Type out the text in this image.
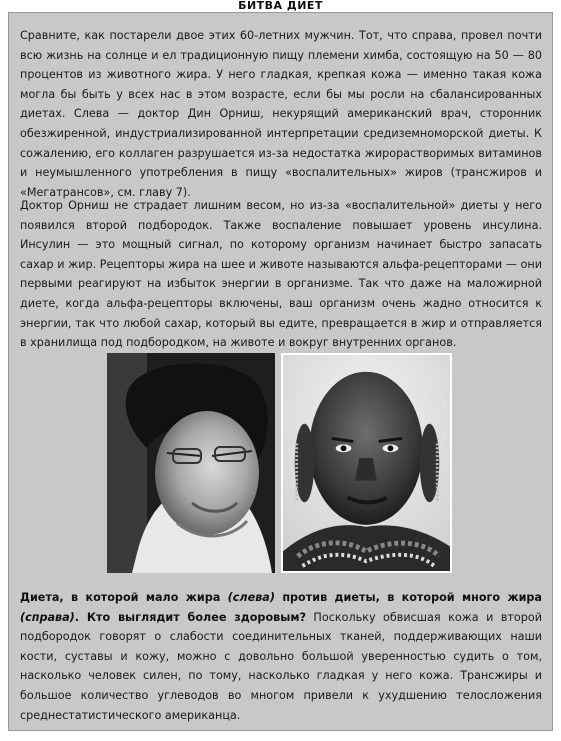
БИТВА ДИЕТ

Сравните, как постарели двое этих 60-летних мужчин. Тот, что справа, провел почти всю жизнь на солнце и ел традиционную пищу племени химба, состоящую на 50 — 80 процентов из животного жира. У него гладкая, крепкая кожа — именно такая кожа могла бы быть у всех нас в этом возрасте, если бы мы росли на сбалансированных диетах. Слева — доктор Дин Орниш, некурящий американский врач, сторонник обезжиренной, индустриализированной интерпретации средиземноморской диеты. К сожалению, его коллаген разрушается из-за недостатка жирорастворимых витаминов и неумышленного употребления в пищу «воспалительных» жиров (трансжиров и «Мегатрансов», см. главу 7).

Доктор Орниш не страдает лишним весом, но из-за «воспалительной» диеты у него появился второй подбородок. Также воспаление повышает уровень инсулина. Инсулин — это мощный сигнал, по которому организм начинает быстро запасать сахар и жир. Рецепторы жира на шее и животе называются альфа-рецепторами — они первыми реагируют на избыток энергии в организме. Так что даже на маложирной диете, когда альфа-рецепторы включены, ваш организм очень жадно относится к энергии, так что любой сахар, который вы едите, превращается в жир и отправляется в хранилища под подбородком, на животе и вокруг внутренних органов.

Диета, в которой мало жира (слева) против диеты, в которой много жира (справа). Кто выглядит более здоровым? Поскольку обвисшая кожа и второй подбородок говорят о слабости соединительных тканей, поддерживающих наши кости, суставы и кожу, можно с довольно большой уверенностью судить о том, насколько человек силен, по тому, насколько гладкая у него кожа. Трансжиры и большое количество углеводов во многом привели к ухудшению телосложения среднестатистического американца.
